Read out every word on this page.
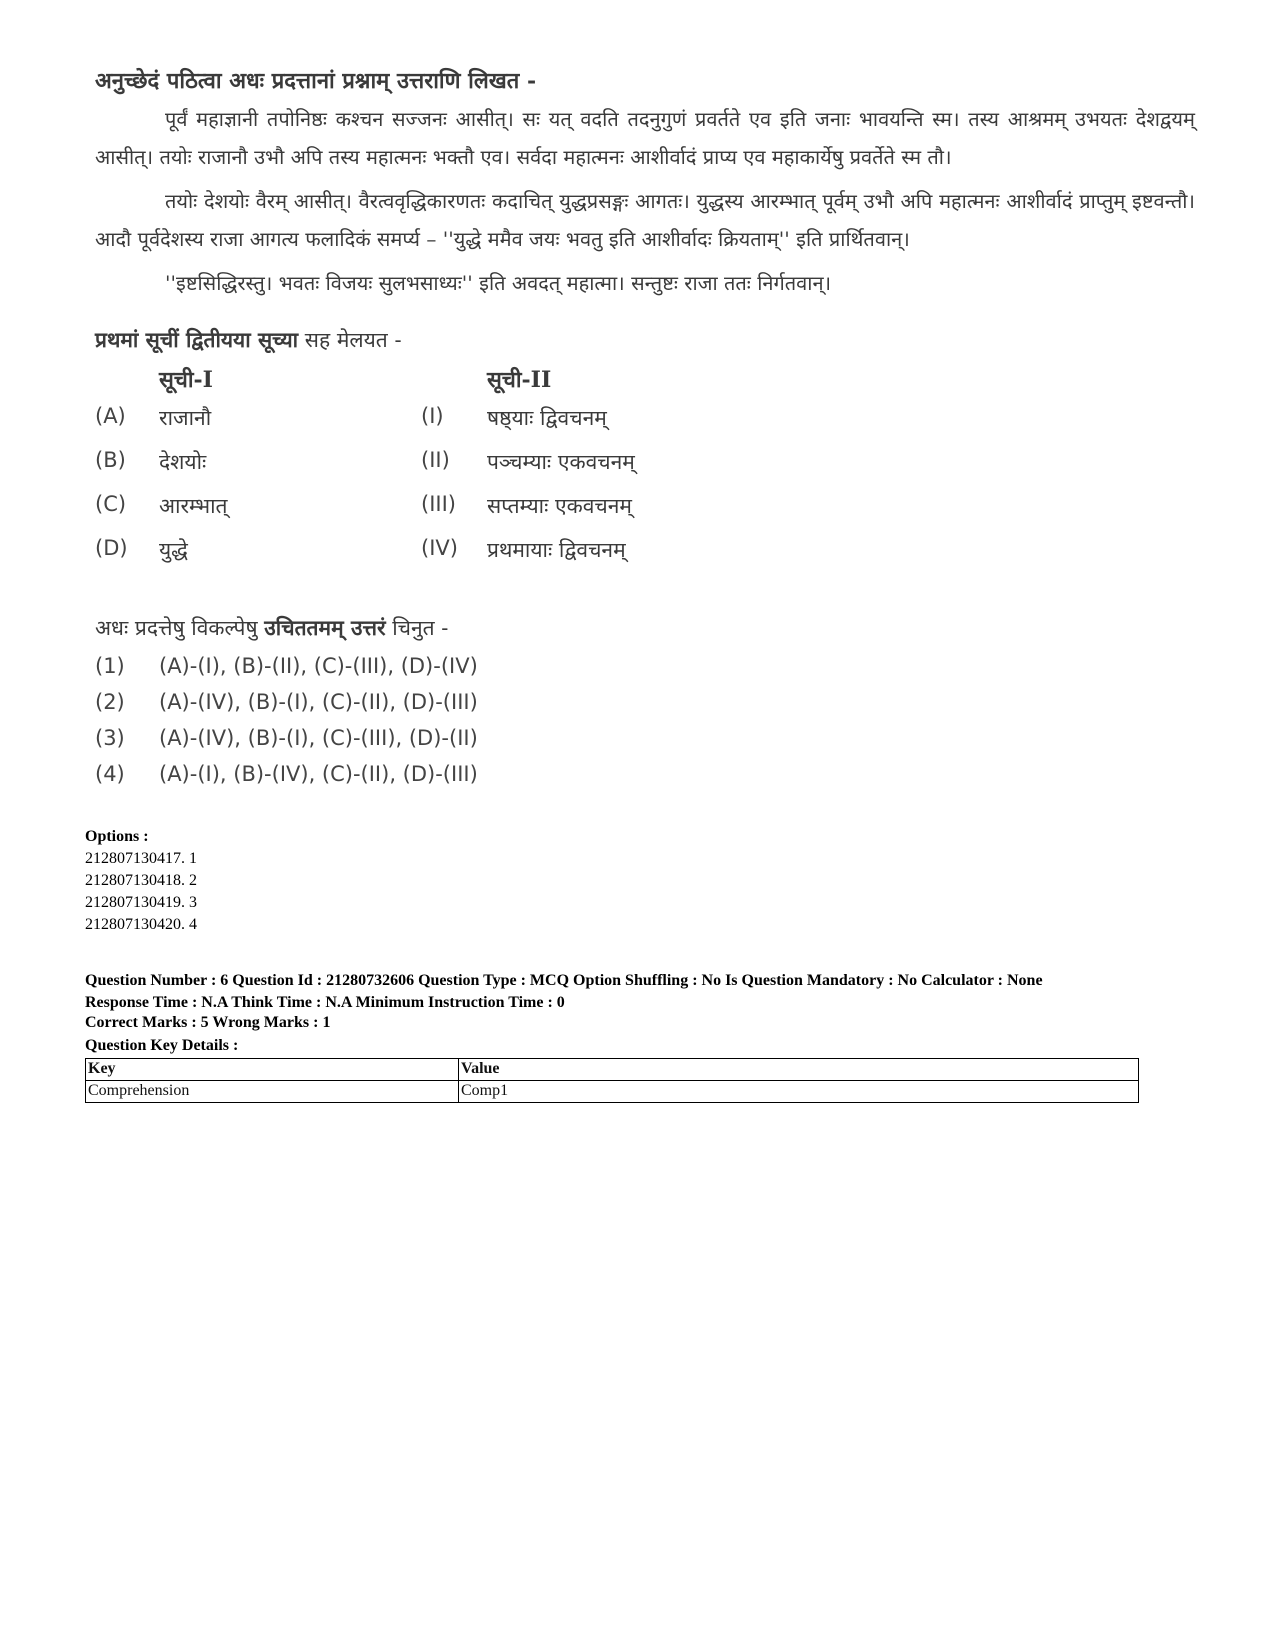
अनुच्छेदं पठित्वा अधः प्रदत्तानां प्रश्नाम् उत्तराणि लिखत -

पूर्वं महाज्ञानी तपोनिष्ठः कश्चन सज्जनः आसीत्। सः यत् वदति तदनुगुणं प्रवर्तते एव इति जनाः भावयन्ति स्म। तस्य आश्रमम् उभयतः देशद्वयम् आसीत्। तयोः राजानौ उभौ अपि तस्य महात्मनः भक्तौ एव। सर्वदा महात्मनः आशीर्वादं प्राप्य एव महाकार्येषु प्रवर्तेते स्म तौ।

तयोः देशयोः वैरम् आसीत्। वैरत्ववृद्धिकारणतः कदाचित् युद्धप्रसङ्गः आगतः। युद्धस्य आरम्भात् पूर्वम् उभौ अपि महात्मनः आशीर्वादं प्राप्तुम् इष्टवन्तौ। आदौ पूर्वदेशस्य राजा आगत्य फलादिकं समर्प्य – ''युद्धे ममैव जयः भवतु इति आशीर्वादः क्रियताम्'' इति प्रार्थितवान्।

''इष्टसिद्धिरस्तु। भवतः विजयः सुलभसाध्यः'' इति अवदत् महात्मा। सन्तुष्टः राजा ततः निर्गतवान्।

प्रथमां सूचीं द्वितीयया सूच्या सह मेलयत -
सूची-I	सूची-II
(A) राजानौ	(I) षष्ठ्याः द्विवचनम्
(B) देशयोः	(II) पञ्चम्याः एकवचनम्
(C) आरम्भात्	(III) सप्तम्याः एकवचनम्
(D) युद्धे	(IV) प्रथमायाः द्विवचनम्
अधः प्रदत्तेषु विकल्पेषु उचिततमम् उत्तरं चिनुत -
(1) (A)-(I), (B)-(II), (C)-(III), (D)-(IV)
(2) (A)-(IV), (B)-(I), (C)-(II), (D)-(III)
(3) (A)-(IV), (B)-(I), (C)-(III), (D)-(II)
(4) (A)-(I), (B)-(IV), (C)-(II), (D)-(III)
Options :
212807130417. 1
212807130418. 2
212807130419. 3
212807130420. 4
Question Number : 6 Question Id : 21280732606 Question Type : MCQ Option Shuffling : No Is Question Mandatory : No Calculator : None
Response Time : N.A Think Time : N.A Minimum Instruction Time : 0
Correct Marks : 5 Wrong Marks : 1
Question Key Details :
Key	Value
Comprehension	Comp1
